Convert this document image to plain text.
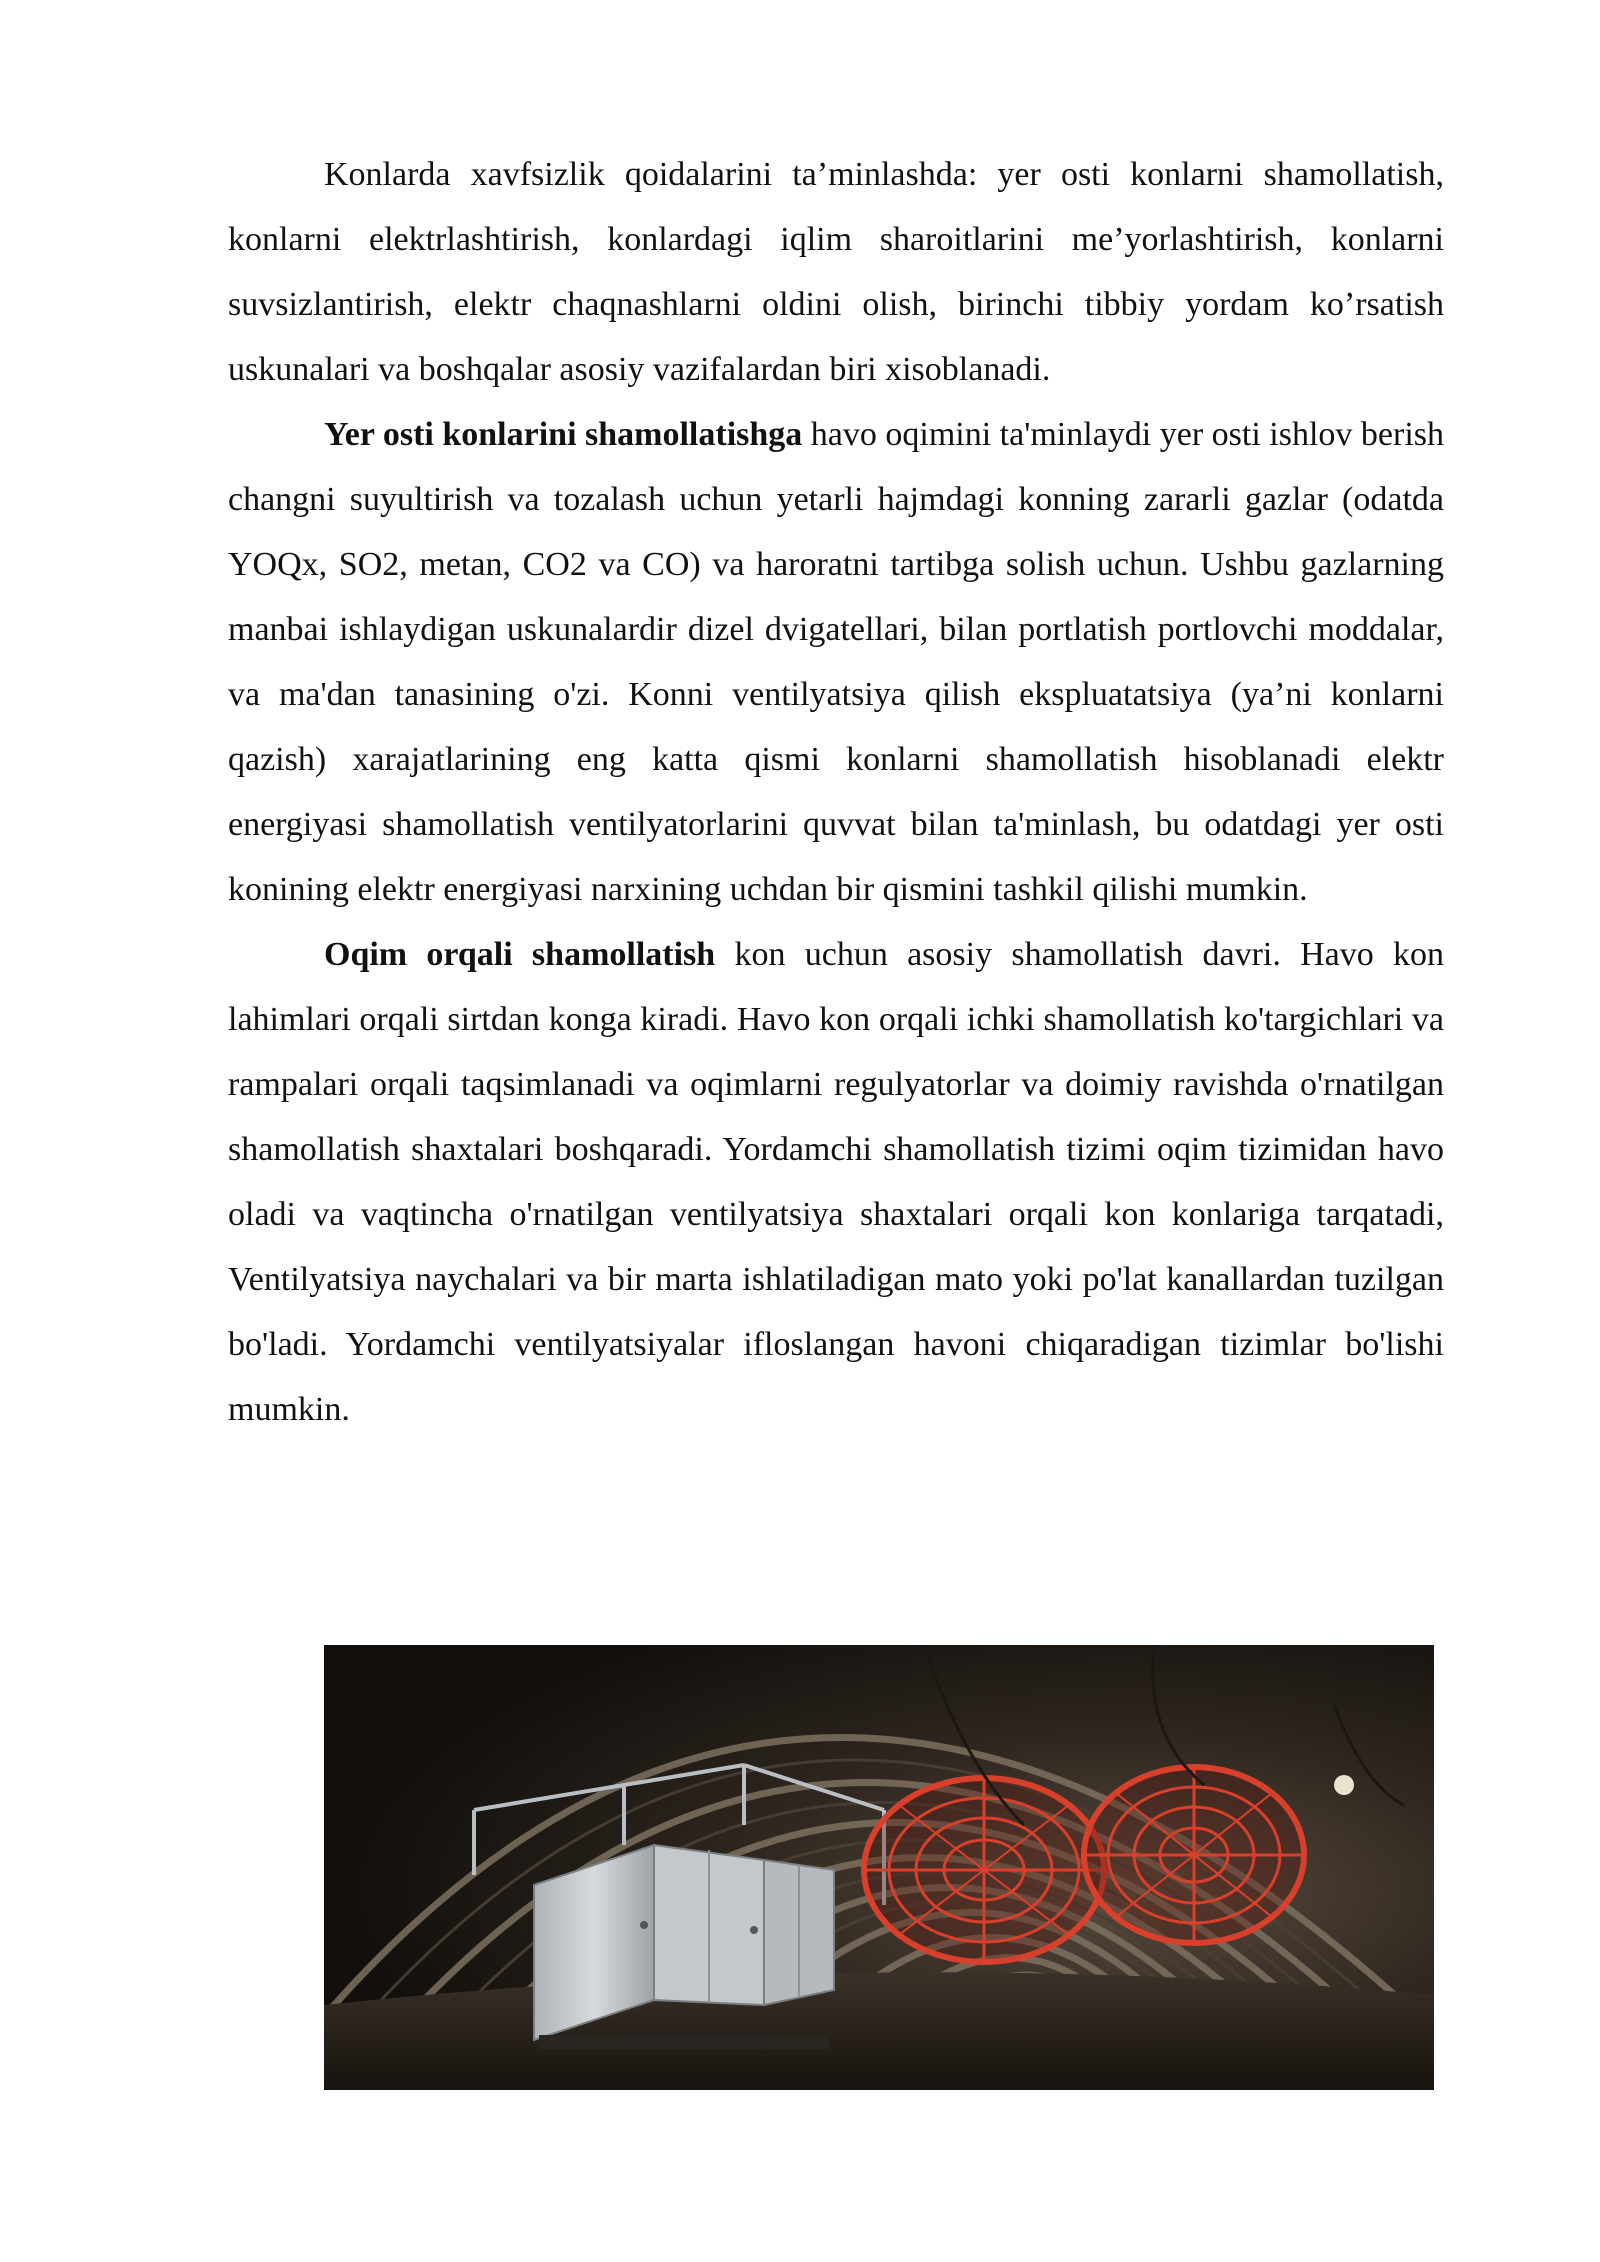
Konlarda xavfsizlik qoidalarini ta’minlashda: yer osti konlarni shamollatish, konlarni elektrlashtirish, konlardagi iqlim sharoitlarini me’yorlashtirish, konlarni suvsizlantirish, elektr chaqnashlarni oldini olish, birinchi tibbiy yordam ko’rsatish uskunalari va boshqalar asosiy vazifalardan biri xisoblanadi.

Yer osti konlarini shamollatishga havo oqimini ta'minlaydi yer osti ishlov berish changni suyultirish va tozalash uchun yetarli hajmdagi konning zararli gazlar (odatda YOQx, SO2, metan, CO2 va CO) va haroratni tartibga solish uchun. Ushbu gazlarning manbai ishlaydigan uskunalardir dizel dvigatellari, bilan portlatish portlovchi moddalar, va ma'dan tanasining o'zi. Konni ventilyatsiya qilish ekspluatatsiya (ya’ni konlarni qazish) xarajatlarining eng katta qismi konlarni shamollatish hisoblanadi elektr energiyasi shamollatish ventilyatorlarini quvvat bilan ta'minlash, bu odatdagi yer osti konining elektr energiyasi narxining uchdan bir qismini tashkil qilishi mumkin.

Oqim orqali shamollatish kon uchun asosiy shamollatish davri. Havo kon lahimlari orqali sirtdan konga kiradi. Havo kon orqali ichki shamollatish ko'targichlari va rampalari orqali taqsimlanadi va oqimlarni regulyatorlar va doimiy ravishda o'rnatilgan shamollatish shaxtalari boshqaradi. Yordamchi shamollatish tizimi oqim tizimidan havo oladi va vaqtincha o'rnatilgan ventilyatsiya shaxtalari orqali kon konlariga tarqatadi, Ventilyatsiya naychalari va bir marta ishlatiladigan mato yoki po'lat kanallardan tuzilgan bo'ladi. Yordamchi ventilyatsiyalar ifloslangan havoni chiqaradigan tizimlar bo'lishi mumkin.
